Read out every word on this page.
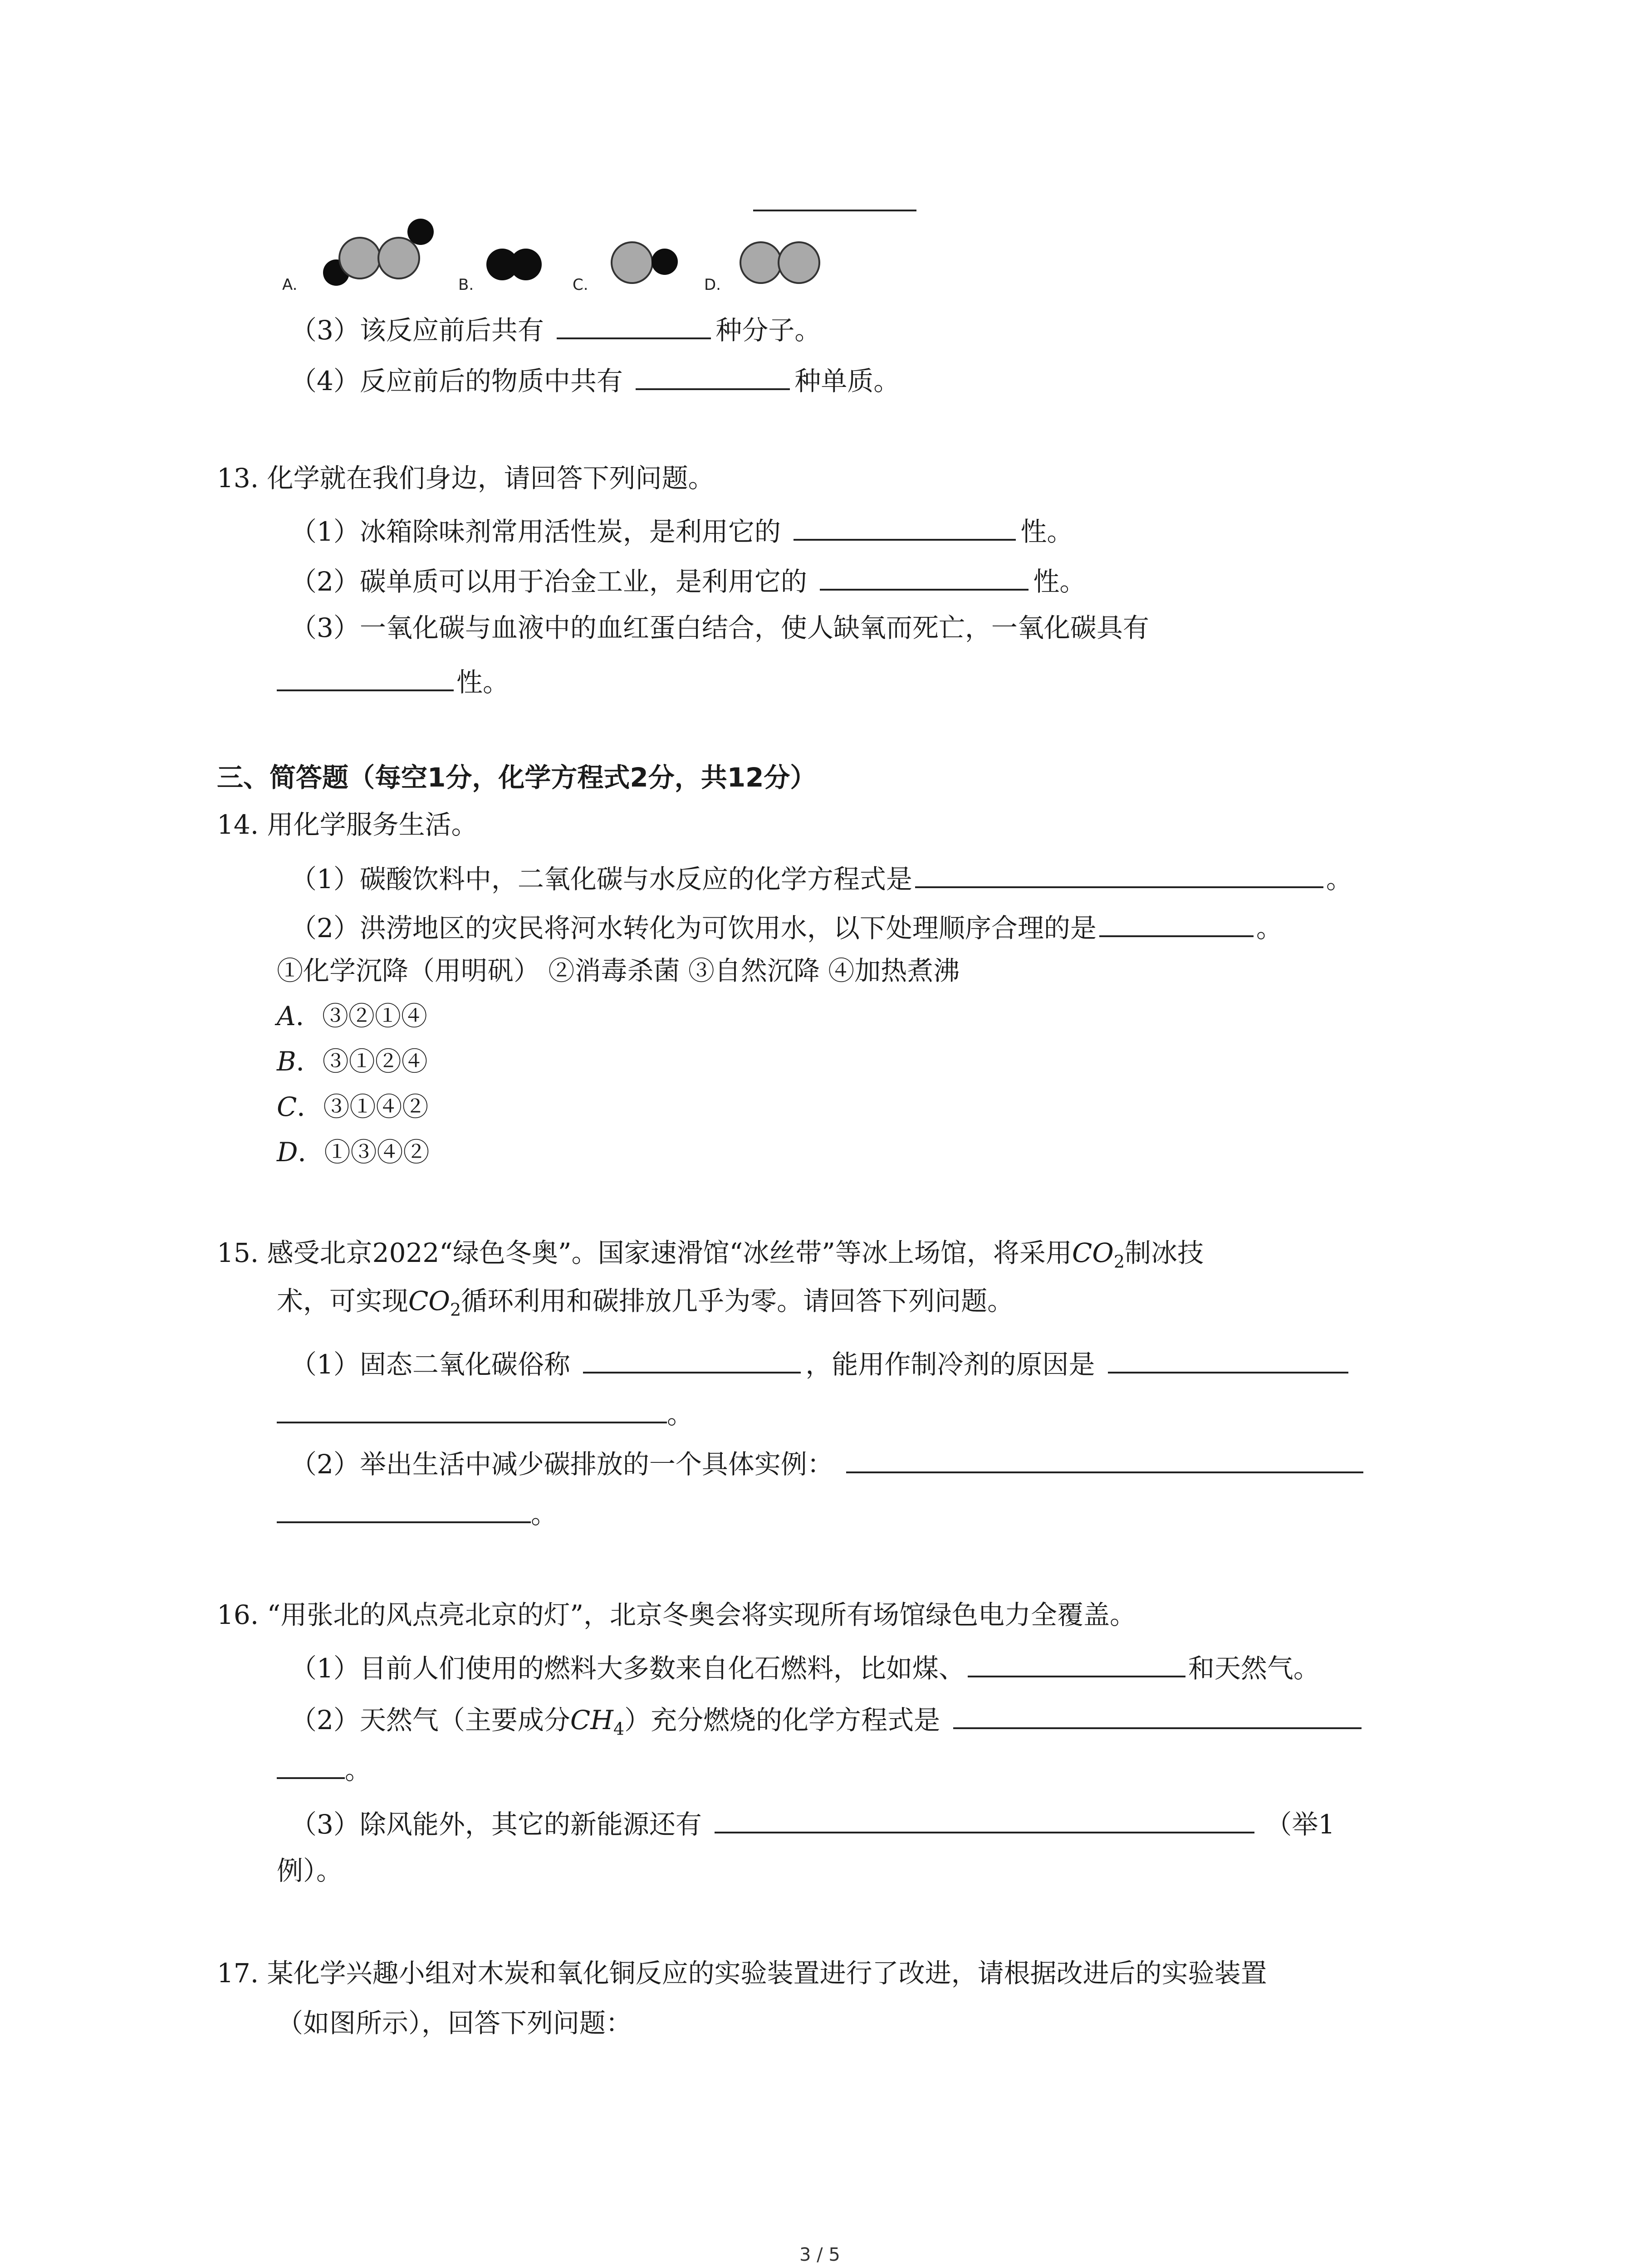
A.	B.	C.	D.
（3）该反应前后共有	种分子。
（4）反应前后的物质中共有	种单质。
13. 化学就在我们身边，请回答下列问题。
（1）冰箱除味剂常用活性炭，是利用它的	性。
（2）碳单质可以用于冶金工业，是利用它的	性。
（3）一氧化碳与血液中的血红蛋白结合，使人缺氧而死亡，一氧化碳具有
性。
三、简答题（每空1分，化学方程式2分，共12分）
14. 用化学服务生活。
（1）碳酸饮料中，二氧化碳与水反应的化学方程式是	。
（2）洪涝地区的灾民将河水转化为可饮用水，以下处理顺序合理的是	。
①化学沉降（用明矾） ②消毒杀菌 ③自然沉降 ④加热煮沸
A．③②①④
B．③①②④
C．③①④②
D．①③④②
15. 感受北京2022“绿色冬奥”。国家速滑馆“冰丝带”等冰上场馆，将采用$CO_2$制冰技
术，可实现$CO_2$循环利用和碳排放几乎为零。请回答下列问题。
（1）固态二氧化碳俗称	，能用作制冷剂的原因是
。
（2）举出生活中减少碳排放的一个具体实例：
。
16. “用张北的风点亮北京的灯”，北京冬奥会将实现所有场馆绿色电力全覆盖。
（1）目前人们使用的燃料大多数来自化石燃料，比如煤、	和天然气。
（2）天然气（主要成分$CH_4$）充分燃烧的化学方程式是
。
（3）除风能外，其它的新能源还有	（举1
例）。
17. 某化学兴趣小组对木炭和氧化铜反应的实验装置进行了改进，请根据改进后的实验装置
（如图所示），回答下列问题：
3 / 5
